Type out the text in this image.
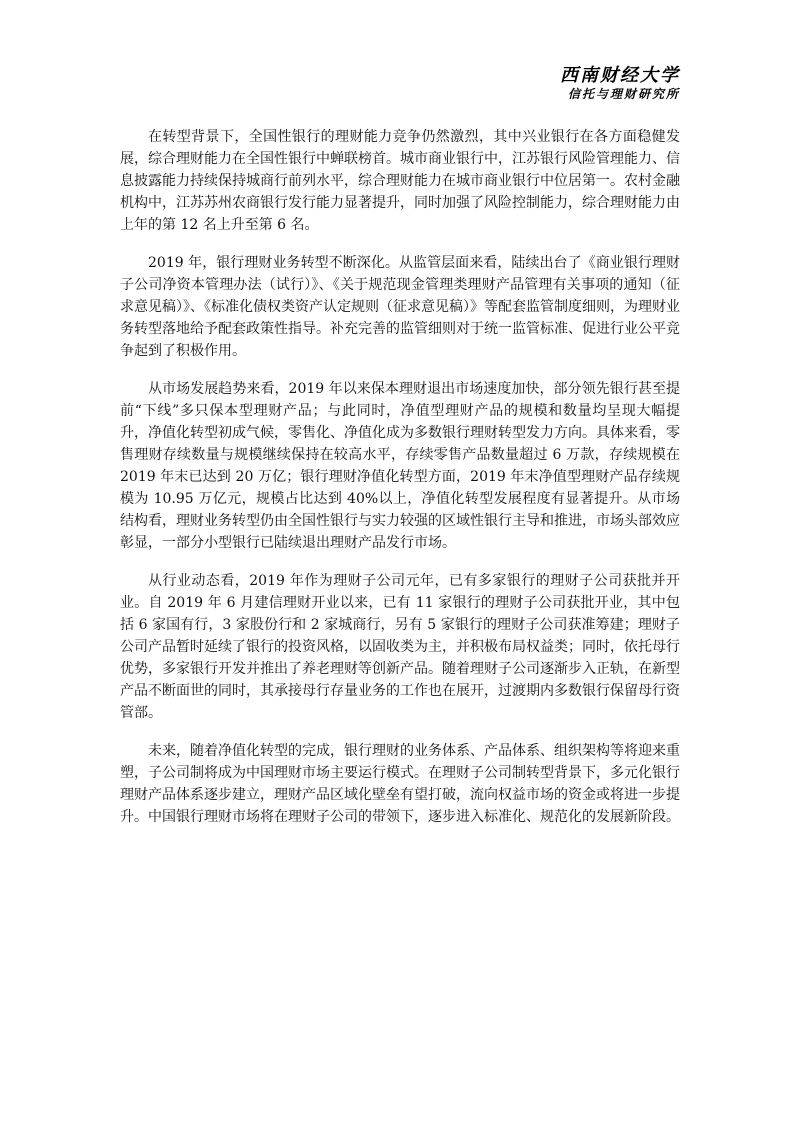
西南财经大学
信托与理财研究所

在转型背景下，全国性银行的理财能力竞争仍然激烈，其中兴业银行在各方面稳健发展，综合理财能力在全国性银行中蝉联榜首。城市商业银行中，江苏银行风险管理能力、信息披露能力持续保持城商行前列水平，综合理财能力在城市商业银行中位居第一。农村金融机构中，江苏苏州农商银行发行能力显著提升，同时加强了风险控制能力，综合理财能力由上年的第 12 名上升至第 6 名。

2019 年，银行理财业务转型不断深化。从监管层面来看，陆续出台了《商业银行理财子公司净资本管理办法（试行）》、《关于规范现金管理类理财产品管理有关事项的通知（征求意见稿）》、《标准化债权类资产认定规则（征求意见稿）》等配套监管制度细则，为理财业务转型落地给予配套政策性指导。补充完善的监管细则对于统一监管标准、促进行业公平竞争起到了积极作用。

从市场发展趋势来看，2019 年以来保本理财退出市场速度加快，部分领先银行甚至提前“下线”多只保本型理财产品；与此同时，净值型理财产品的规模和数量均呈现大幅提升，净值化转型初成气候，零售化、净值化成为多数银行理财转型发力方向。具体来看，零售理财存续数量与规模继续保持在较高水平，存续零售产品数量超过 6 万款，存续规模在 2019 年末已达到 20 万亿；银行理财净值化转型方面，2019 年末净值型理财产品存续规模为 10.95 万亿元，规模占比达到 40%以上，净值化转型发展程度有显著提升。从市场结构看，理财业务转型仍由全国性银行与实力较强的区域性银行主导和推进，市场头部效应彰显，一部分小型银行已陆续退出理财产品发行市场。

从行业动态看，2019 年作为理财子公司元年，已有多家银行的理财子公司获批并开业。自 2019 年 6 月建信理财开业以来，已有 11 家银行的理财子公司获批开业，其中包括 6 家国有行，3 家股份行和 2 家城商行，另有 5 家银行的理财子公司获准筹建；理财子公司产品暂时延续了银行的投资风格，以固收类为主，并积极布局权益类；同时，依托母行优势，多家银行开发并推出了养老理财等创新产品。随着理财子公司逐渐步入正轨，在新型产品不断面世的同时，其承接母行存量业务的工作也在展开，过渡期内多数银行保留母行资管部。

未来，随着净值化转型的完成，银行理财的业务体系、产品体系、组织架构等将迎来重塑，子公司制将成为中国理财市场主要运行模式。在理财子公司制转型背景下，多元化银行理财产品体系逐步建立，理财产品区域化壁垒有望打破，流向权益市场的资金或将进一步提升。中国银行理财市场将在理财子公司的带领下，逐步进入标准化、规范化的发展新阶段。
